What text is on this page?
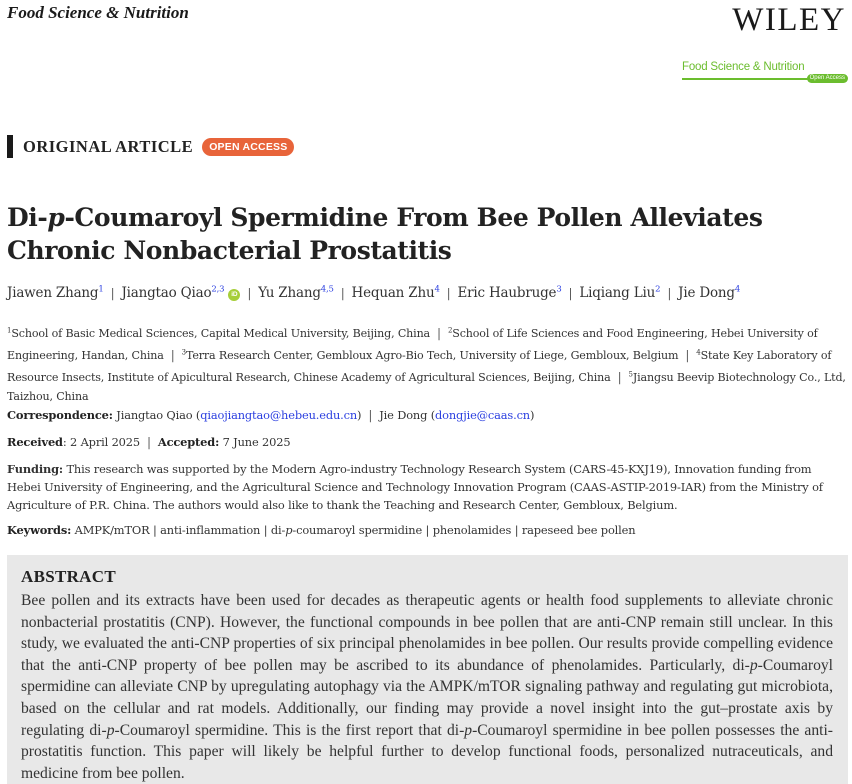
Food Science & Nutrition	WILEY
Food Science & Nutrition
Open Access
ORIGINAL ARTICLE	OPEN ACCESS
Di-p-Coumaroyl Spermidine From Bee Pollen Alleviates Chronic Nonbacterial Prostatitis
Jiawen Zhang$^1$ | Jiangtao Qiao$^{2,3}$ iD | Yu Zhang$^{4,5}$ | Hequan Zhu$^4$ | Eric Haubruge$^3$ | Liqiang Liu$^2$ | Jie Dong$^4$
$^1$School of Basic Medical Sciences, Capital Medical University, Beijing, China | $^2$School of Life Sciences and Food Engineering, Hebei University of Engineering, Handan, China | $^3$Terra Research Center, Gembloux Agro-Bio Tech, University of Liege, Gembloux, Belgium | $^4$State Key Laboratory of Resource Insects, Institute of Apicultural Research, Chinese Academy of Agricultural Sciences, Beijing, China | $^5$Jiangsu Beevip Biotechnology Co., Ltd, Taizhou, China
Correspondence: Jiangtao Qiao (qiaojiangtao@hebeu.edu.cn) | Jie Dong (dongjie@caas.cn)
Received: 2 April 2025 | Accepted: 7 June 2025
Funding: This research was supported by the Modern Agro-industry Technology Research System (CARS-45-KXJ19), Innovation funding from Hebei University of Engineering, and the Agricultural Science and Technology Innovation Program (CAAS-ASTIP-2019-IAR) from the Ministry of Agriculture of P.R. China. The authors would also like to thank the Teaching and Research Center, Gembloux, Belgium.
Keywords: AMPK/mTOR | anti-inflammation | di-p-coumaroyl spermidine | phenolamides | rapeseed bee pollen
ABSTRACT

Bee pollen and its extracts have been used for decades as therapeutic agents or health food supplements to alleviate chronic nonbacterial prostatitis (CNP). However, the functional compounds in bee pollen that are anti-CNP remain still unclear. In this study, we evaluated the anti-CNP properties of six principal phenolamides in bee pollen. Our results provide compelling evidence that the anti-CNP property of bee pollen may be ascribed to its abundance of phenolamides. Particularly, di-p-Coumaroyl spermidine can alleviate CNP by upregulating autophagy via the AMPK/mTOR signaling pathway and regulating gut microbiota, based on the cellular and rat models. Additionally, our finding may provide a novel insight into the gut–prostate axis by regulating di-p-Coumaroyl spermidine. This is the first report that di-p-Coumaroyl spermidine in bee pollen possesses the anti-prostatitis function. This paper will likely be helpful further to develop functional foods, personalized nutraceuticals, and medicine from bee pollen.
